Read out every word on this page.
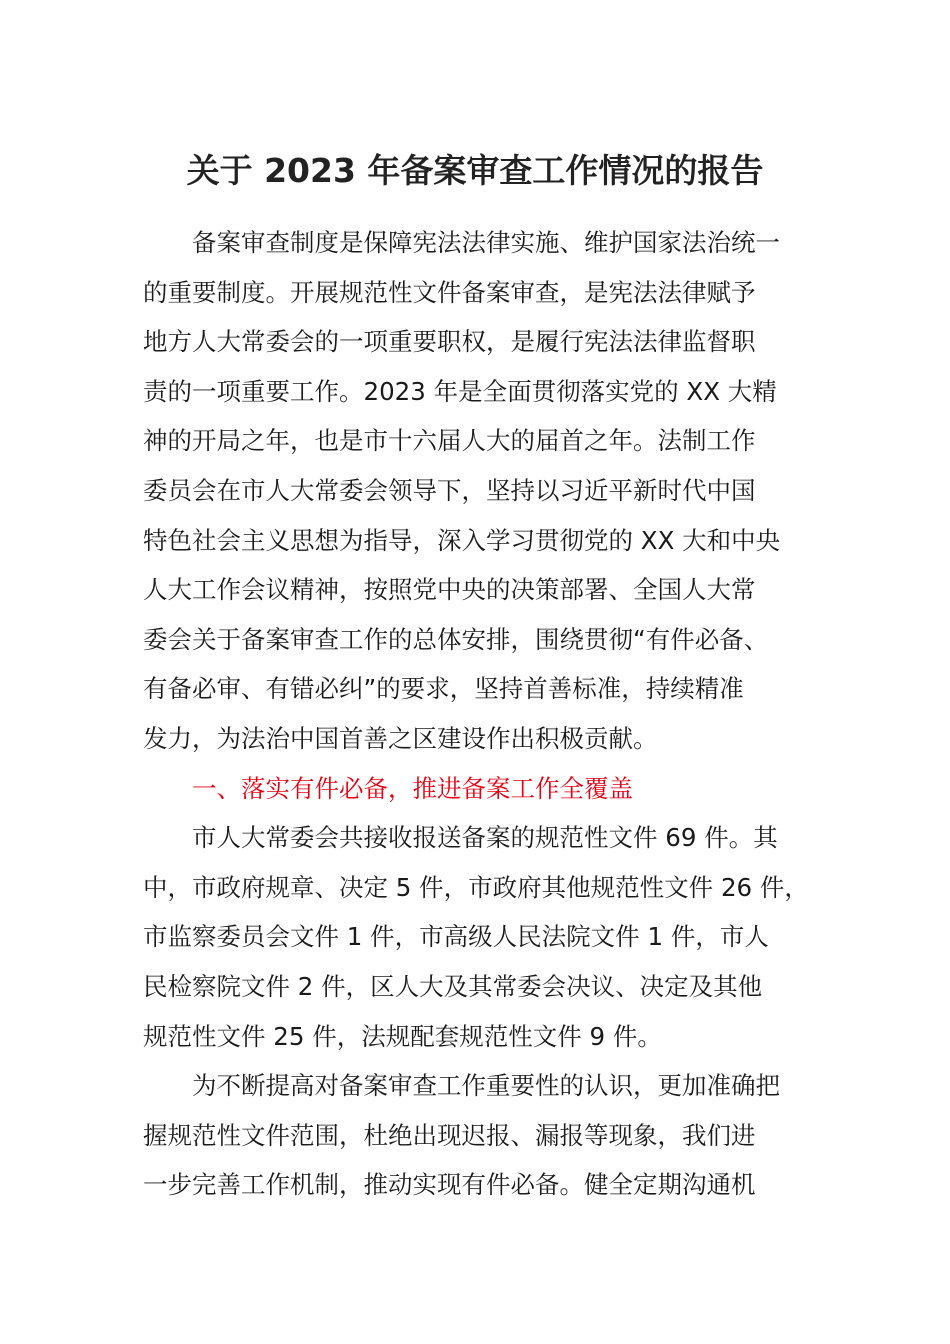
关于 2023 年备案审查工作情况的报告
备案审查制度是保障宪法法律实施、维护国家法治统一
的重要制度。开展规范性文件备案审查，是宪法法律赋予
地方人大常委会的一项重要职权，是履行宪法法律监督职
责的一项重要工作。2023 年是全面贯彻落实党的 XX 大精
神的开局之年，也是市十六届人大的届首之年。法制工作
委员会在市人大常委会领导下，坚持以习近平新时代中国
特色社会主义思想为指导，深入学习贯彻党的 XX 大和中央
人大工作会议精神，按照党中央的决策部署、全国人大常
委会关于备案审查工作的总体安排，围绕贯彻“有件必备、
有备必审、有错必纠”的要求，坚持首善标准，持续精准
发力，为法治中国首善之区建设作出积极贡献。
一、落实有件必备，推进备案工作全覆盖
市人大常委会共接收报送备案的规范性文件 69 件。其
中，市政府规章、决定 5 件，市政府其他规范性文件 26 件，
市监察委员会文件 1 件，市高级人民法院文件 1 件，市人
民检察院文件 2 件，区人大及其常委会决议、决定及其他
规范性文件 25 件，法规配套规范性文件 9 件。
为不断提高对备案审查工作重要性的认识，更加准确把
握规范性文件范围，杜绝出现迟报、漏报等现象，我们进
一步完善工作机制，推动实现有件必备。健全定期沟通机
